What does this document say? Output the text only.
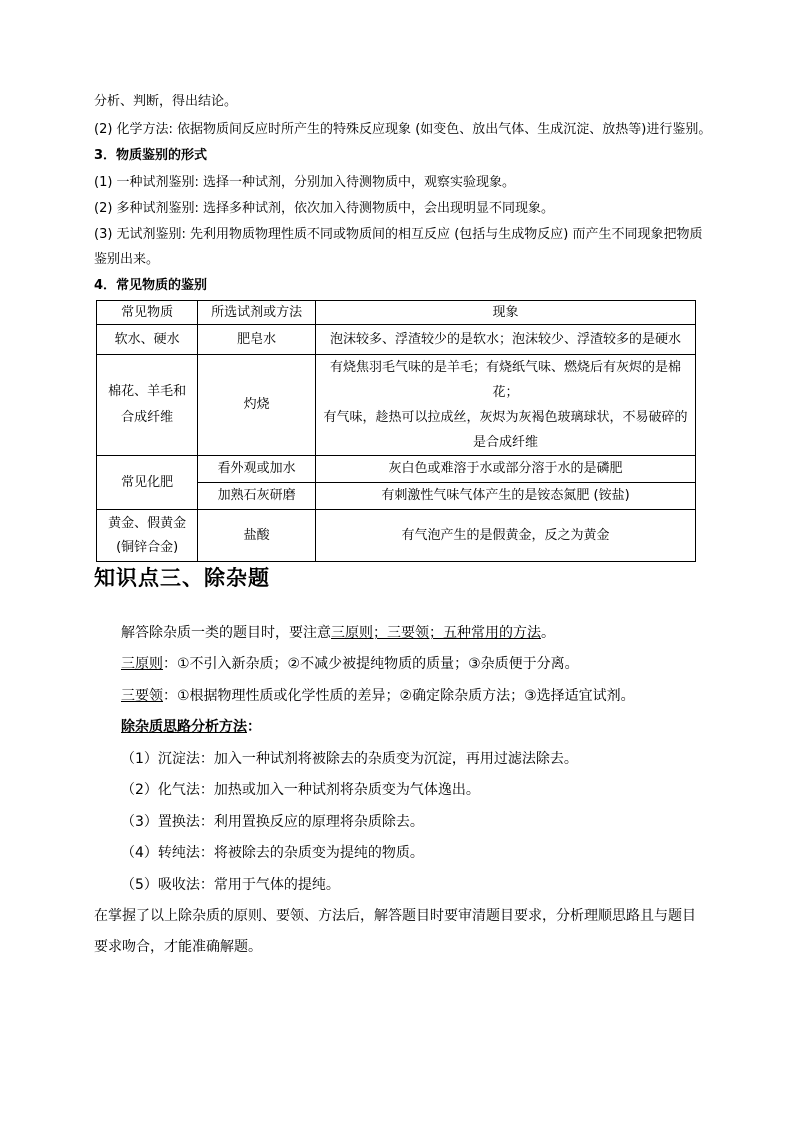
分析、判断，得出结论。
(2) 化学方法: 依据物质间反应时所产生的特殊反应现象 (如变色、放出气体、生成沉淀、放热等)进行鉴别。
3．物质鉴别的形式
(1) 一种试剂鉴别: 选择一种试剂，分别加入待测物质中，观察实验现象。
(2) 多种试剂鉴别: 选择多种试剂，依次加入待测物质中，会出现明显不同现象。
(3) 无试剂鉴别: 先利用物质物理性质不同或物质间的相互反应 (包括与生成物反应) 而产生不同现象把物质
鉴别出来。
4．常见物质的鉴别
常见物质	所选试剂或方法	现象
软水、硬水	肥皂水	泡沫较多、浮渣较少的是软水；泡沫较少、浮渣较多的是硬水
棉花、羊毛和
合成纤维	灼烧	有烧焦羽毛气味的是羊毛；有烧纸气味、燃烧后有灰烬的是棉花；
有气味，趁热可以拉成丝，灰烬为灰褐色玻璃球状，不易破碎的
是合成纤维
常见化肥	看外观或加水	灰白色或难溶于水或部分溶于水的是磷肥
	加熟石灰研磨	有刺激性气味气体产生的是铵态氮肥 (铵盐)
黄金、假黄金
(铜锌合金)	盐酸	有气泡产生的是假黄金，反之为黄金
知识点三、除杂题
解答除杂质一类的题目时，要注意三原则；三要领；五种常用的方法。
三原则：①不引入新杂质；②不减少被提纯物质的质量；③杂质便于分离。
三要领：①根据物理性质或化学性质的差异；②确定除杂质方法；③选择适宜试剂。
除杂质思路分析方法：
（1）沉淀法：加入一种试剂将被除去的杂质变为沉淀，再用过滤法除去。
（2）化气法：加热或加入一种试剂将杂质变为气体逸出。
（3）置换法：利用置换反应的原理将杂质除去。
（4）转纯法：将被除去的杂质变为提纯的物质。
（5）吸收法：常用于气体的提纯。
在掌握了以上除杂质的原则、要领、方法后，解答题目时要审清题目要求，分析理顺思路且与题目
要求吻合，才能准确解题。
